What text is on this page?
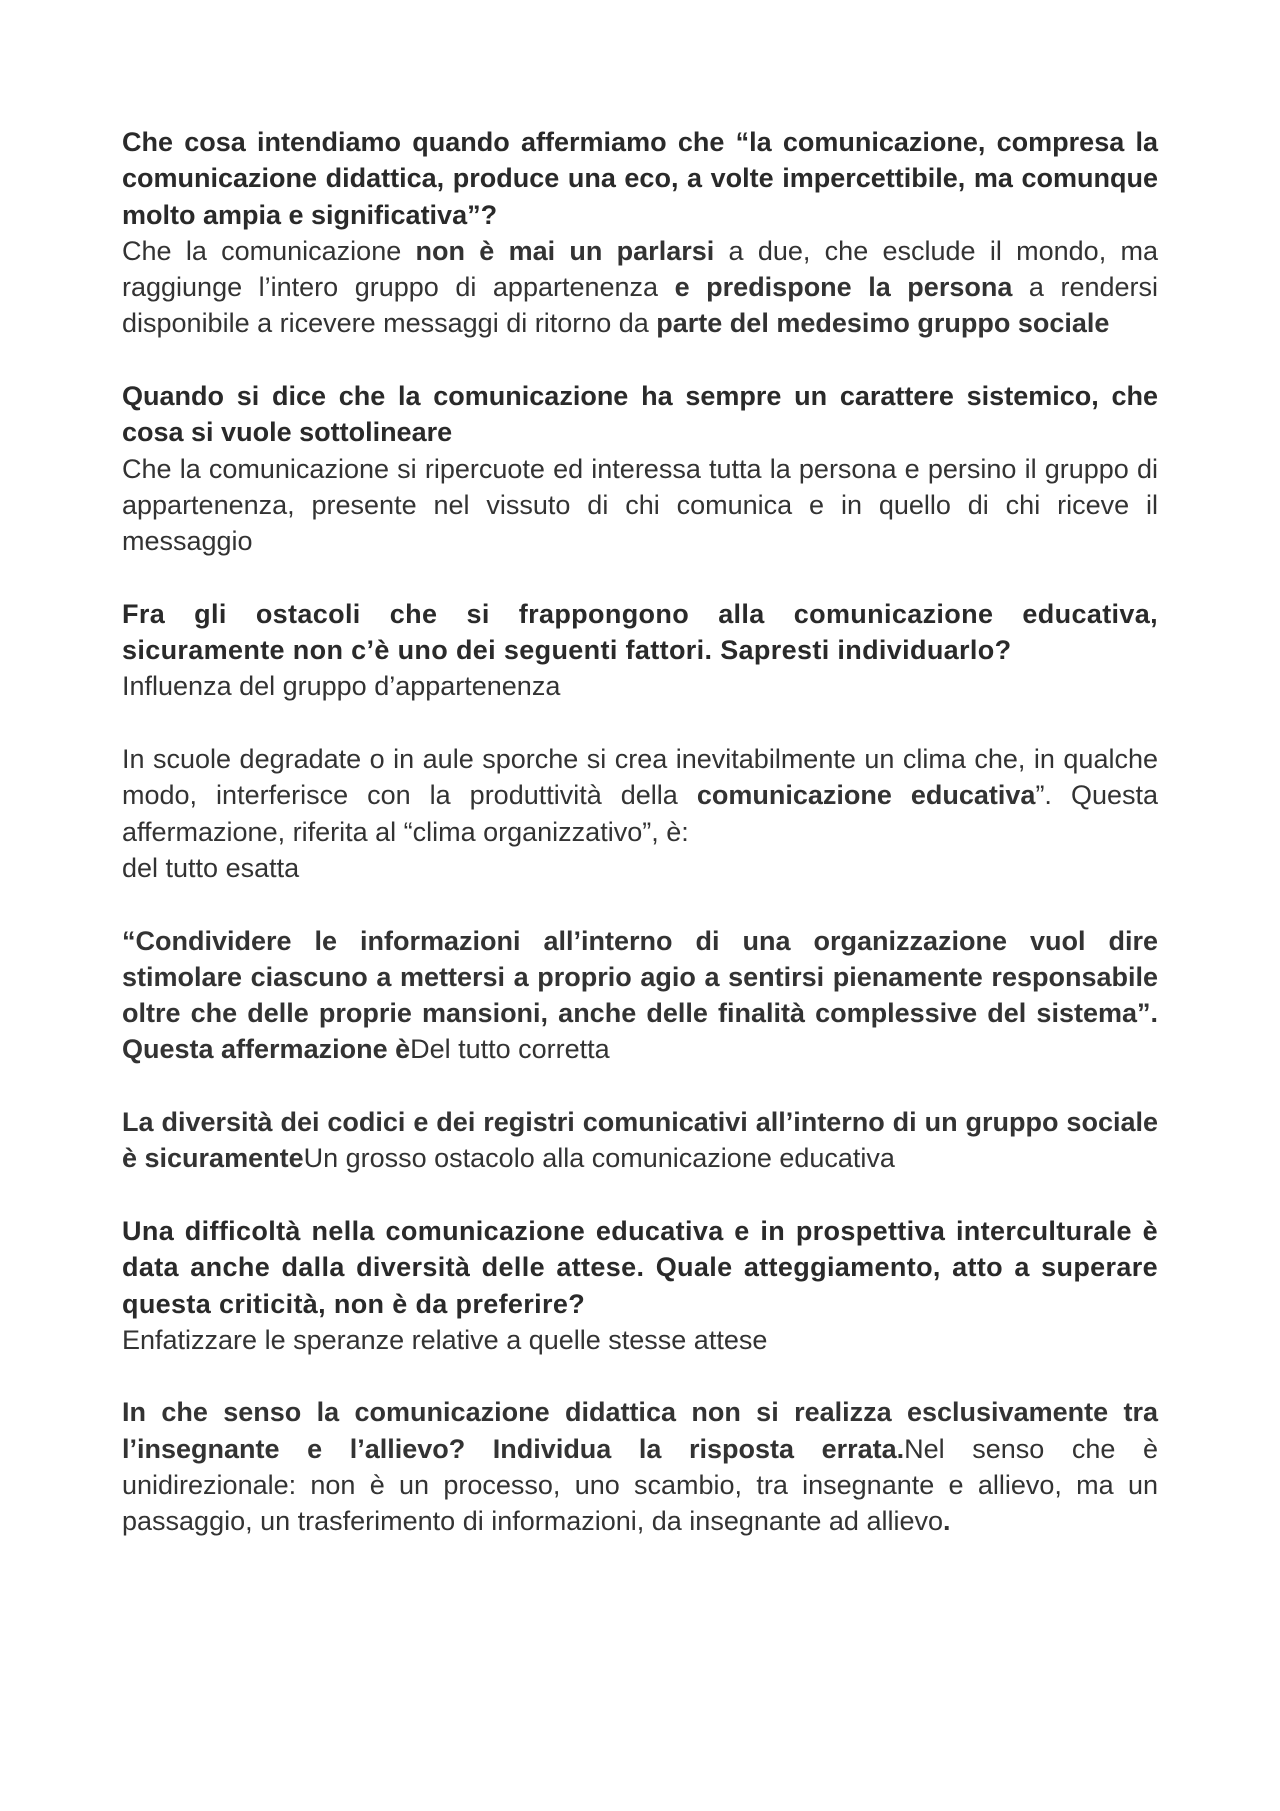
Che cosa intendiamo quando affermiamo che “la comunicazione, compresa la comunicazione didattica, produce una eco, a volte impercettibile, ma comunque molto ampia e significativa”?
Che la comunicazione non è mai un parlarsi a due, che esclude il mondo, ma raggiunge l’intero gruppo di appartenenza e predispone la persona a rendersi disponibile a ricevere messaggi di ritorno da parte del medesimo gruppo sociale
Quando si dice che la comunicazione ha sempre un carattere sistemico, che cosa si vuole sottolineare
Che la comunicazione si ripercuote ed interessa tutta la persona e persino il gruppo di appartenenza, presente nel vissuto di chi comunica e in quello di chi riceve il messaggio
Fra gli ostacoli che si frappongono alla comunicazione educativa, sicuramente non c’è uno dei seguenti fattori. Sapresti individuarlo?
Influenza del gruppo d’appartenenza
In scuole degradate o in aule sporche si crea inevitabilmente un clima che, in qualche modo, interferisce con la produttività della comunicazione educativa”. Questa affermazione, riferita al “clima organizzativo”, è:
del tutto esatta
“Condividere le informazioni all’interno di una organizzazione vuol dire stimolare ciascuno a mettersi a proprio agio a sentirsi pienamente responsabile oltre che delle proprie mansioni, anche delle finalità complessive del sistema”. Questa affermazione èDel tutto corretta
La diversità dei codici e dei registri comunicativi all’interno di un gruppo sociale è sicuramenteUn grosso ostacolo alla comunicazione educativa
Una difficoltà nella comunicazione educativa e in prospettiva interculturale è data anche dalla diversità delle attese. Quale atteggiamento, atto a superare questa criticità, non è da preferire?
Enfatizzare le speranze relative a quelle stesse attese
In che senso la comunicazione didattica non si realizza esclusivamente tra l’insegnante e l’allievo? Individua la risposta errata.Nel senso che è unidirezionale: non è un processo, uno scambio, tra insegnante e allievo, ma un passaggio, un trasferimento di informazioni, da insegnante ad allievo.
